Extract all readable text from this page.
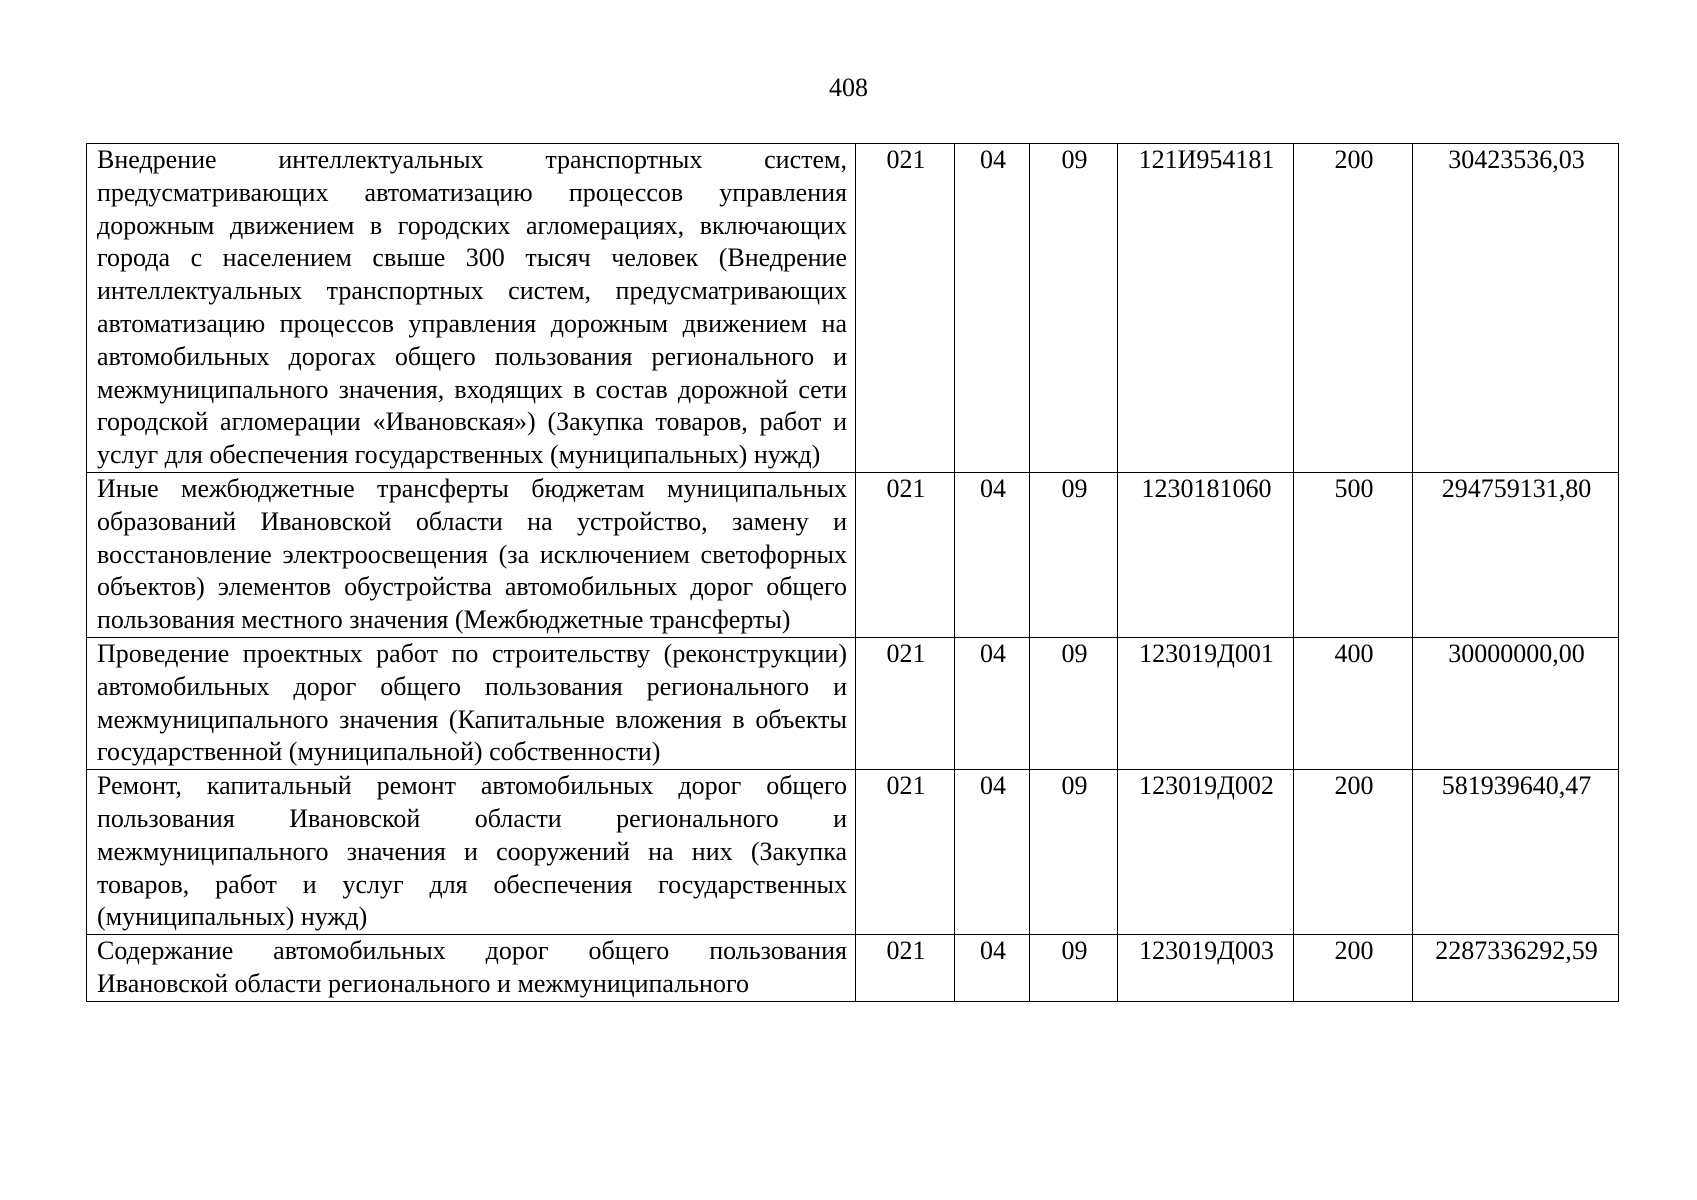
408
Внедрение интеллектуальных транспортных систем, предусматривающих автоматизацию процессов управления дорожным движением в городских агломерациях, включающих города с населением свыше 300 тысяч человек (Внедрение интеллектуальных транспортных систем, предусматривающих автоматизацию процессов управления дорожным движением на автомобильных дорогах общего пользования регионального и межмуниципального значения, входящих в состав дорожной сети городской агломерации «Ивановская») (Закупка товаров, работ и услуг для обеспечения государственных (муниципальных) нужд)	021	04	09	121И954181	200	30423536,03
Иные межбюджетные трансферты бюджетам муниципальных образований Ивановской области на устройство, замену и восстановление электроосвещения (за исключением светофорных объектов) элементов обустройства автомобильных дорог общего пользования местного значения (Межбюджетные трансферты)	021	04	09	1230181060	500	294759131,80
Проведение проектных работ по строительству (реконструкции) автомобильных дорог общего пользования регионального и межмуниципального значения (Капитальные вложения в объекты государственной (муниципальной) собственности)	021	04	09	123019Д001	400	30000000,00
Ремонт, капитальный ремонт автомобильных дорог общего пользования Ивановской области регионального и межмуниципального значения и сооружений на них (Закупка товаров, работ и услуг для обеспечения государственных (муниципальных) нужд)	021	04	09	123019Д002	200	581939640,47
Содержание автомобильных дорог общего пользования Ивановской области регионального и межмуниципального	021	04	09	123019Д003	200	2287336292,59
